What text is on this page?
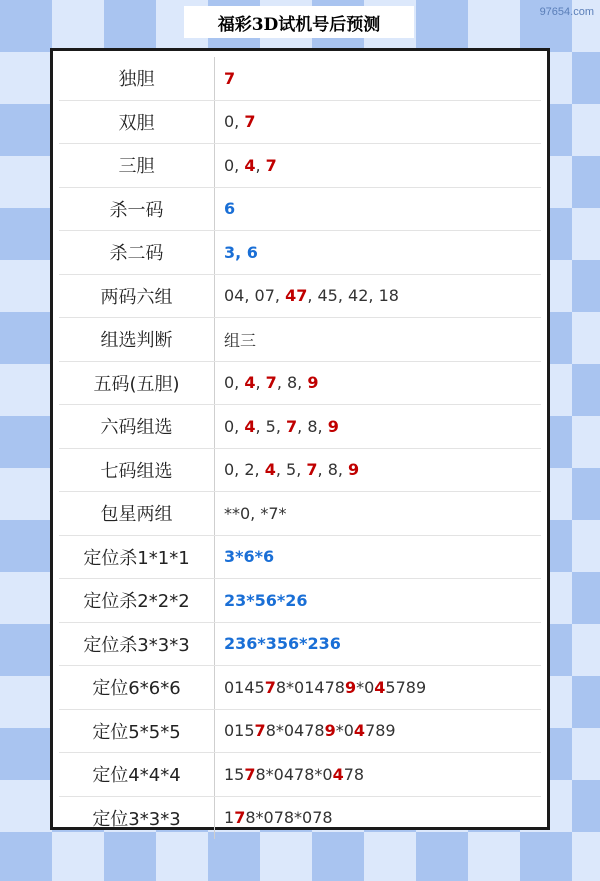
福彩3D试机号后预测
97654.com
独胆	7
双胆	0, 7
三胆	0, 4, 7
杀一码	6
杀二码	3, 6
两码六组	04, 07, 47, 45, 42, 18
组选判断	组三
五码(五胆)	0, 4, 7, 8, 9
六码组选	0, 4, 5, 7, 8, 9
七码组选	0, 2, 4, 5, 7, 8, 9
包星两组	**0, *7*
定位杀1*1*1	3*6*6
定位杀2*2*2	23*56*26
定位杀3*3*3	236*356*236
定位6*6*6	014578*014789*045789
定位5*5*5	01578*04789*04789
定位4*4*4	1578*0478*0478
定位3*3*3	178*078*078
